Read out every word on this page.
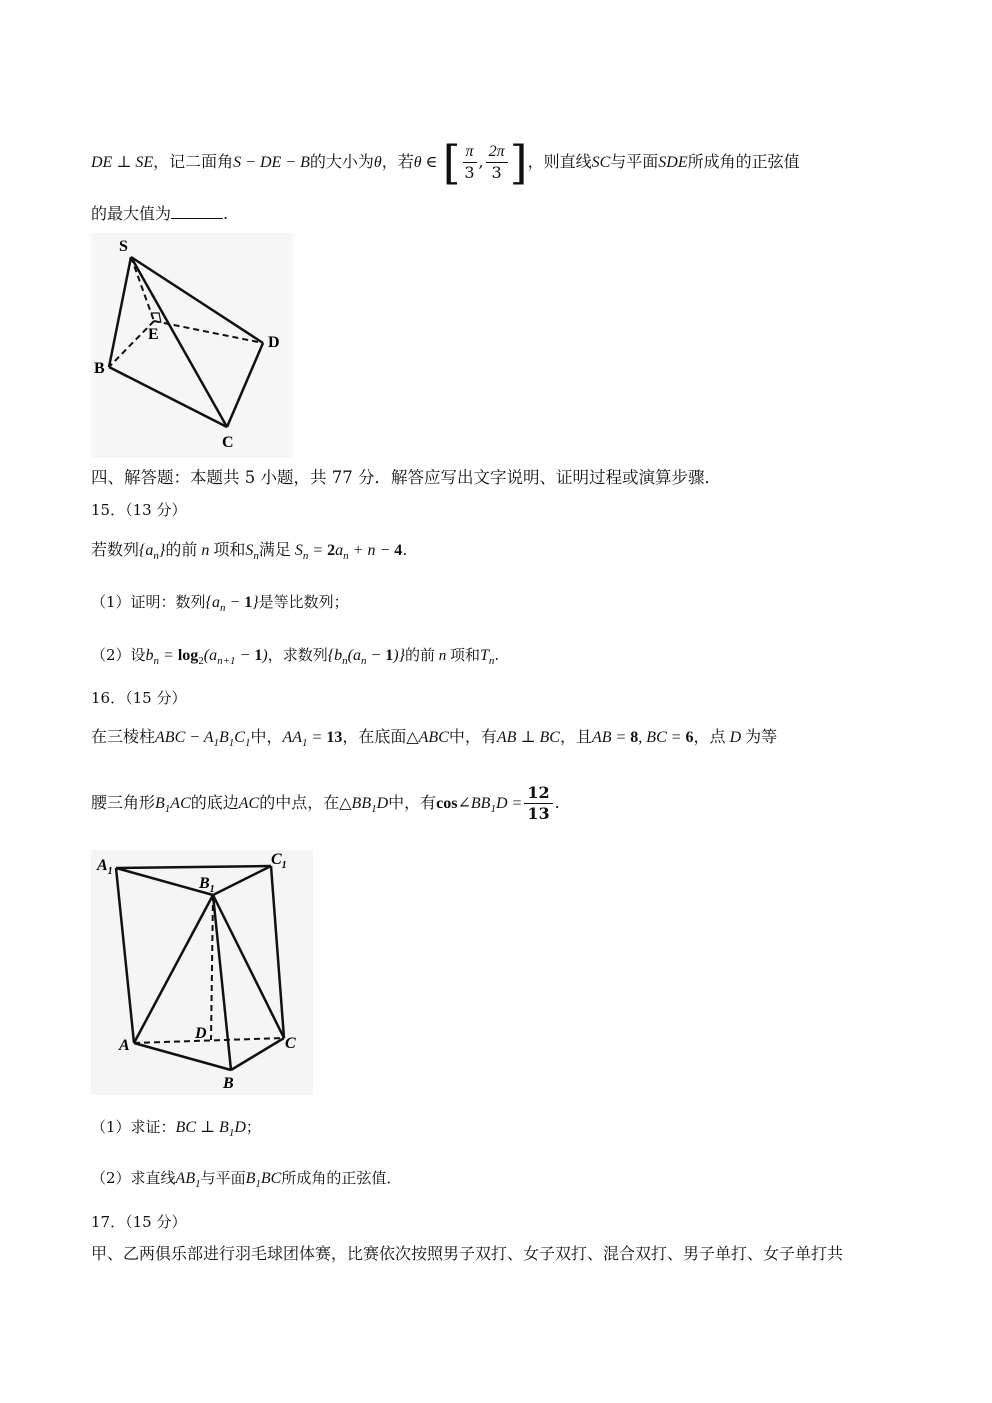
DE ⊥ SE，记二面角S − DE − B的大小为θ，若θ ∈ [ $\frac{\pi}{3}$ , $\frac{2\pi}{3}$ ]，则直线SC与平面SDE所成角的正弦值
的最大值为	.
S
E	D
B
C
四、解答题：本题共 5 小题，共 77 分．解答应写出文字说明、证明过程或演算步骤．
15．（13 分）
若数列$\{a_n\}$的前 n 项和$S_n$满足 $S_n = 2a_n + n - 4$.
（1）证明：数列$\{a_n - 1\}$是等比数列；
（2）设$b_n = \log_2(a_{n+1} - 1)$，求数列$\{b_n(a_n - 1)\}$的前 n 项和$T_n$.
16．（15 分）
在三棱柱ABC − $A_1B_1C_1$中，$AA_1 = 13$，在底面△ABC中，有AB ⊥ BC，且AB = 8, BC = 6，点 D 为等
腰三角形$B_1AC$的底边AC的中点，在$\triangle BB_1D$中，有$\cos\angle BB_1D = \frac{12}{13}$ .
$A_1$
$C_1$
$B_1$
D
A	C
B
（1）求证：BC ⊥ $B_1D$；
（2）求直线$AB_1$与平面$B_1BC$所成角的正弦值．
17．（15 分）
甲、乙两俱乐部进行羽毛球团体赛，比赛依次按照男子双打、女子双打、混合双打、男子单打、女子单打共
